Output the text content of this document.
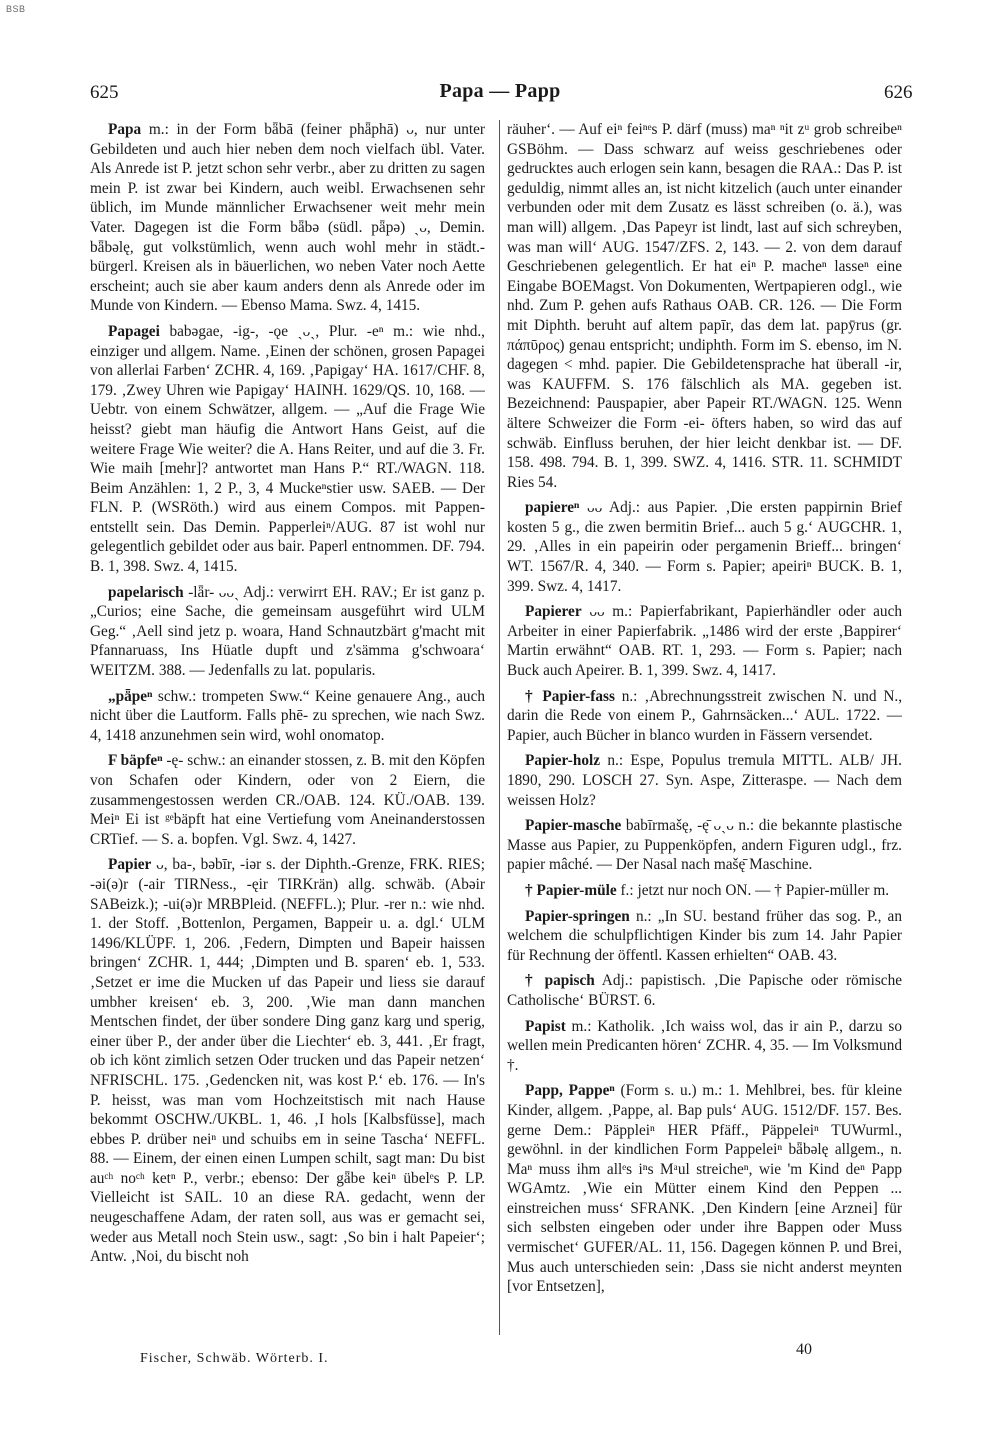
BSB
625	Papa — Papp	626

Papa m.: in der Form bǟbā (feiner phǟphā) ᴗ, nur unter Gebildeten und auch hier neben dem noch vielfach übl. Vater. Als Anrede ist P. jetzt schon sehr verbr., aber zu dritten zu sagen mein P. ist zwar bei Kindern, auch weibl. Erwachsenen sehr üblich, im Munde männlicher Erwachsener weit mehr mein Vater. Dagegen ist die Form bǟbə (südl. pǟpə) ˏᴗ, Demin. bǟbəlę, gut volkstümlich, wenn auch wohl mehr in städt.-bürgerl. Kreisen als in bäuerlichen, wo neben Vater noch Aette erscheint; auch sie aber kaum anders denn als Anrede oder im Munde von Kindern. — Ebenso Mama. Swz. 4, 1415.

Papagei babəgae, -ig-, -ǫe ˏᴗˎ, Plur. -eⁿ m.: wie nhd., einziger und allgem. Name. ‚Einen der schönen, grosen Papagei von allerlai Farben‘ ZCHR. 4, 169. ‚Papigay‘ HA. 1617/CHF. 8, 179. ‚Zwey Uhren wie Papigay‘ HAINH. 1629/QS. 10, 168. — Uebtr. von einem Schwätzer, allgem. — „Auf die Frage Wie heisst? giebt man häufig die Antwort Hans Geist, auf die weitere Frage Wie weiter? die A. Hans Reiter, und auf die 3. Fr. Wie maih [mehr]? antwortet man Hans P.“ RT./WAGN. 118. Beim Anzählen: 1, 2 P., 3, 4 Muckeⁿstier usw. SAEB. — Der FLN. P. (WSRöth.) wird aus einem Compos. mit Pappen- entstellt sein. Das Demin. Papperleiⁿ/AUG. 87 ist wohl nur gelegentlich gebildet oder aus bair. Paperl entnommen. DF. 794. B. 1, 398. Swz. 4, 1415.

papelarisch -lǟr- ᴗᴗˎ Adj.: verwirrt EH. RAV.; Er ist ganz p. „Curios; eine Sache, die gemeinsam ausgeführt wird ULM Geg.“ ‚Aell sind jetz p. woara, Hand Schnautzbärt g'macht mit Pfannaruass, Ins Hüatle dupft und z'sämma g'schwoara‘ WEITZM. 388. — Jedenfalls zu lat. popularis.

„pǟpeⁿ schw.: trompeten Sww.“ Keine genauere Ang., auch nicht über die Lautform. Falls phē- zu sprechen, wie nach Swz. 4, 1418 anzunehmen sein wird, wohl onomatop.

F bäpfeⁿ -ę- schw.: an einander stossen, z. B. mit den Köpfen von Schafen oder Kindern, oder von 2 Eiern, die zusammengestossen werden CR./OAB. 124. KÜ./OAB. 139. Meiⁿ Ei ist ᵍᵉbäpft hat eine Vertiefung vom Aneinanderstossen CRTief. — S. a. bopfen. Vgl. Swz. 4, 1427.

Papier ᴗ, ba-, bəbīr, -iər s. der Diphth.-Grenze, FRK. RIES; -əi(ə)r (-air TIRNess., -ęir TIRKrän) allg. schwäb. (Abəir SABeizk.); -ui(ə)r MRBPleid. (NEFFL.); Plur. -rer n.: wie nhd. 1. der Stoff. ‚Bottenlon, Pergamen, Bappeir u. a. dgl.‘ ULM 1496/KLÜPF. 1, 206. ‚Federn, Dimpten und Bapeir haissen bringen‘ ZCHR. 1, 444; ‚Dimpten und B. sparen‘ eb. 1, 533. ‚Setzet er ime die Mucken uf das Papeir und liess sie darauf umbher kreisen‘ eb. 3, 200. ‚Wie man dann manchen Mentschen findet, der über sondere Ding ganz karg und sperig, einer über P., der ander über die Liechter‘ eb. 3, 441. ‚Er fragt, ob ich könt zimlich setzen Oder trucken und das Papeir netzen‘ NFRISCHL. 175. ‚Gedencken nit, was kost P.‘ eb. 176. — In's P. heisst, was man vom Hochzeitstisch mit nach Hause bekommt OSCHW./UKBL. 1, 46. ‚I hols [Kalbsfüsse], mach ebbes P. drüber neiⁿ und schuibs em in seine Tascha‘ NEFFL. 88. — Einem, der einen einen Lumpen schilt, sagt man: Du bist auᶜʰ noᶜʰ ketⁿ P., verbr.; ebenso: Der gǟbe keiⁿ übelᵉs P. LP. Vielleicht ist SAIL. 10 an diese RA. gedacht, wenn der neugeschaffene Adam, der raten soll, aus was er gemacht sei, weder aus Metall noch Stein usw., sagt: ‚So bin i halt Papeier‘; Antw. ‚Noi, du bischt noh

räuher‘. — Auf eiⁿ feiⁿᵉs P. därf (muss) maⁿ ⁿit zᵘ grob schreibeⁿ GSBöhm. — Dass schwarz auf weiss geschriebenes oder gedrucktes auch erlogen sein kann, besagen die RAA.: Das P. ist geduldig, nimmt alles an, ist nicht kitzelich (auch unter einander verbunden oder mit dem Zusatz es lässt schreiben (o. ä.), was man will) allgem. ‚Das Papeyr ist lindt, last auf sich schreyben, was man will‘ AUG. 1547/ZFS. 2, 143. — 2. von dem darauf Geschriebenen gelegentlich. Er hat eiⁿ P. macheⁿ lasseⁿ eine Eingabe BOEMagst. Von Dokumenten, Wertpapieren odgl., wie nhd. Zum P. gehen aufs Rathaus OAB. CR. 126. — Die Form mit Diphth. beruht auf altem papīr, das dem lat. papȳrus (gr. πάπῡρος) genau entspricht; undiphth. Form im S. ebenso, im N. dagegen < mhd. papier. Die Gebildetensprache hat überall -ir, was KAUFFM. S. 176 fälschlich als MA. gegeben ist. Bezeichnend: Pauspapier, aber Papeir RT./WAGN. 125. Wenn ältere Schweizer die Form -ei- öfters haben, so wird das auf schwäb. Einfluss beruhen, der hier leicht denkbar ist. — DF. 158. 498. 794. B. 1, 399. SWZ. 4, 1416. STR. 11. SCHMIDT Ries 54.

papiereⁿ ᴗᴗ Adj.: aus Papier. ‚Die ersten pappirnin Brief kosten 5 g., die zwen bermitin Brief... auch 5 g.‘ AUGCHR. 1, 29. ‚Alles in ein papeirin oder pergamenin Brieff... bringen‘ WT. 1567/R. 4, 340. — Form s. Papier; apeiriⁿ BUCK. B. 1, 399. Swz. 4, 1417.

Papierer ᴗᴗ m.: Papierfabrikant, Papierhändler oder auch Arbeiter in einer Papierfabrik. „1486 wird der erste ‚Bappirer‘ Martin erwähnt“ OAB. RT. 1, 293. — Form s. Papier; nach Buck auch Apeirer. B. 1, 399. Swz. 4, 1417.

† Papier-fass n.: ‚Abrechnungsstreit zwischen N. und N., darin die Rede von einem P., Gahrnsäcken...‘ AUL. 1722. — Papier, auch Bücher in blanco wurden in Fässern versendet.

Papier-holz n.: Espe, Populus tremula MITTL. ALB/ JH. 1890, 290. LOSCH 27. Syn. Aspe, Zitteraspe. — Nach dem weissen Holz?

Papier-masche babīrmašę, -ę̄ ᴗˏᴗ n.: die bekannte plastische Masse aus Papier, zu Puppenköpfen, andern Figuren udgl., frz. papier mâché. — Der Nasal nach mašę̄ Maschine.

† Papier-müle f.: jetzt nur noch ON. — † Papier-müller m.

Papier-springen n.: „In SU. bestand früher das sog. P., an welchem die schulpflichtigen Kinder bis zum 14. Jahr Papier für Rechnung der öffentl. Kassen erhielten“ OAB. 43.

† papisch Adj.: papistisch. ‚Die Papische oder römische Catholische‘ BÜRST. 6.

Papist m.: Katholik. ‚Ich waiss wol, das ir ain P., darzu so wellen mein Predicanten hören‘ ZCHR. 4, 35. — Im Volksmund †.

Papp, Pappeⁿ (Form s. u.) m.: 1. Mehlbrei, bes. für kleine Kinder, allgem. ‚Pappe, al. Bap puls‘ AUG. 1512/DF. 157. Bes. gerne Dem.: Päppleiⁿ HER Pfäff., Päppeleiⁿ TUWurml., gewöhnl. in der kindlichen Form Pappeleiⁿ bǟbəlę allgem., n. Maⁿ muss ihm allᵉs iⁿs Mᵃul streicheⁿ, wie 'm Kind deⁿ Papp WGAmtz. ‚Wie ein Mütter einem Kind den Peppen ... einstreichen muss‘ SFRANK. ‚Den Kindern [eine Arznei] für sich selbsten eingeben oder under ihre Bappen oder Muss vermischet‘ GUFER/AL. 11, 156. Dagegen können P. und Brei, Mus auch unterschieden sein: ‚Dass sie nicht anderst meynten [vor Entsetzen],

Fischer, Schwäb. Wörterb. I.
40
